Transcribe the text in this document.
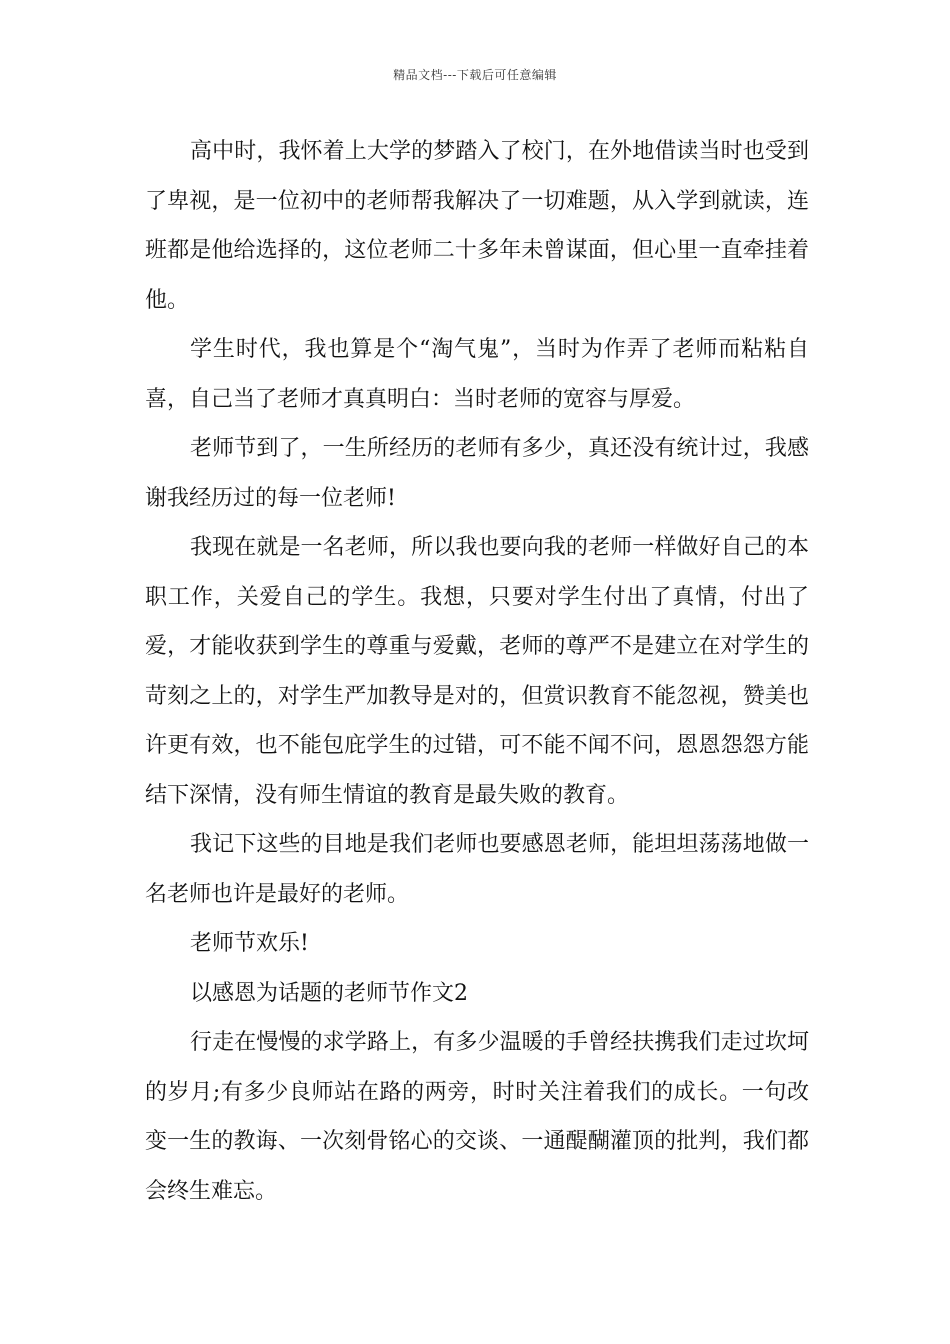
精品文档---下载后可任意编辑

高中时，我怀着上大学的梦踏入了校门，在外地借读当时也受到了卑视，是一位初中的老师帮我解决了一切难题，从入学到就读，连班都是他给选择的，这位老师二十多年未曾谋面，但心里一直牵挂着他。

学生时代，我也算是个“淘气鬼”，当时为作弄了老师而粘粘自喜，自己当了老师才真真明白：当时老师的宽容与厚爱。

老师节到了，一生所经历的老师有多少，真还没有统计过，我感谢我经历过的每一位老师!

我现在就是一名老师，所以我也要向我的老师一样做好自己的本职工作，关爱自己的学生。我想，只要对学生付出了真情，付出了爱，才能收获到学生的尊重与爱戴，老师的尊严不是建立在对学生的苛刻之上的，对学生严加教导是对的，但赏识教育不能忽视，赞美也许更有效，也不能包庇学生的过错，可不能不闻不问，恩恩怨怨方能结下深情，没有师生情谊的教育是最失败的教育。

我记下这些的目地是我们老师也要感恩老师，能坦坦荡荡地做一名老师也许是最好的老师。

老师节欢乐!

以感恩为话题的老师节作文2

行走在慢慢的求学路上，有多少温暖的手曾经扶携我们走过坎坷的岁月;有多少良师站在路的两旁，时时关注着我们的成长。一句改变一生的教诲、一次刻骨铭心的交谈、一通醍醐灌顶的批判，我们都会终生难忘。
